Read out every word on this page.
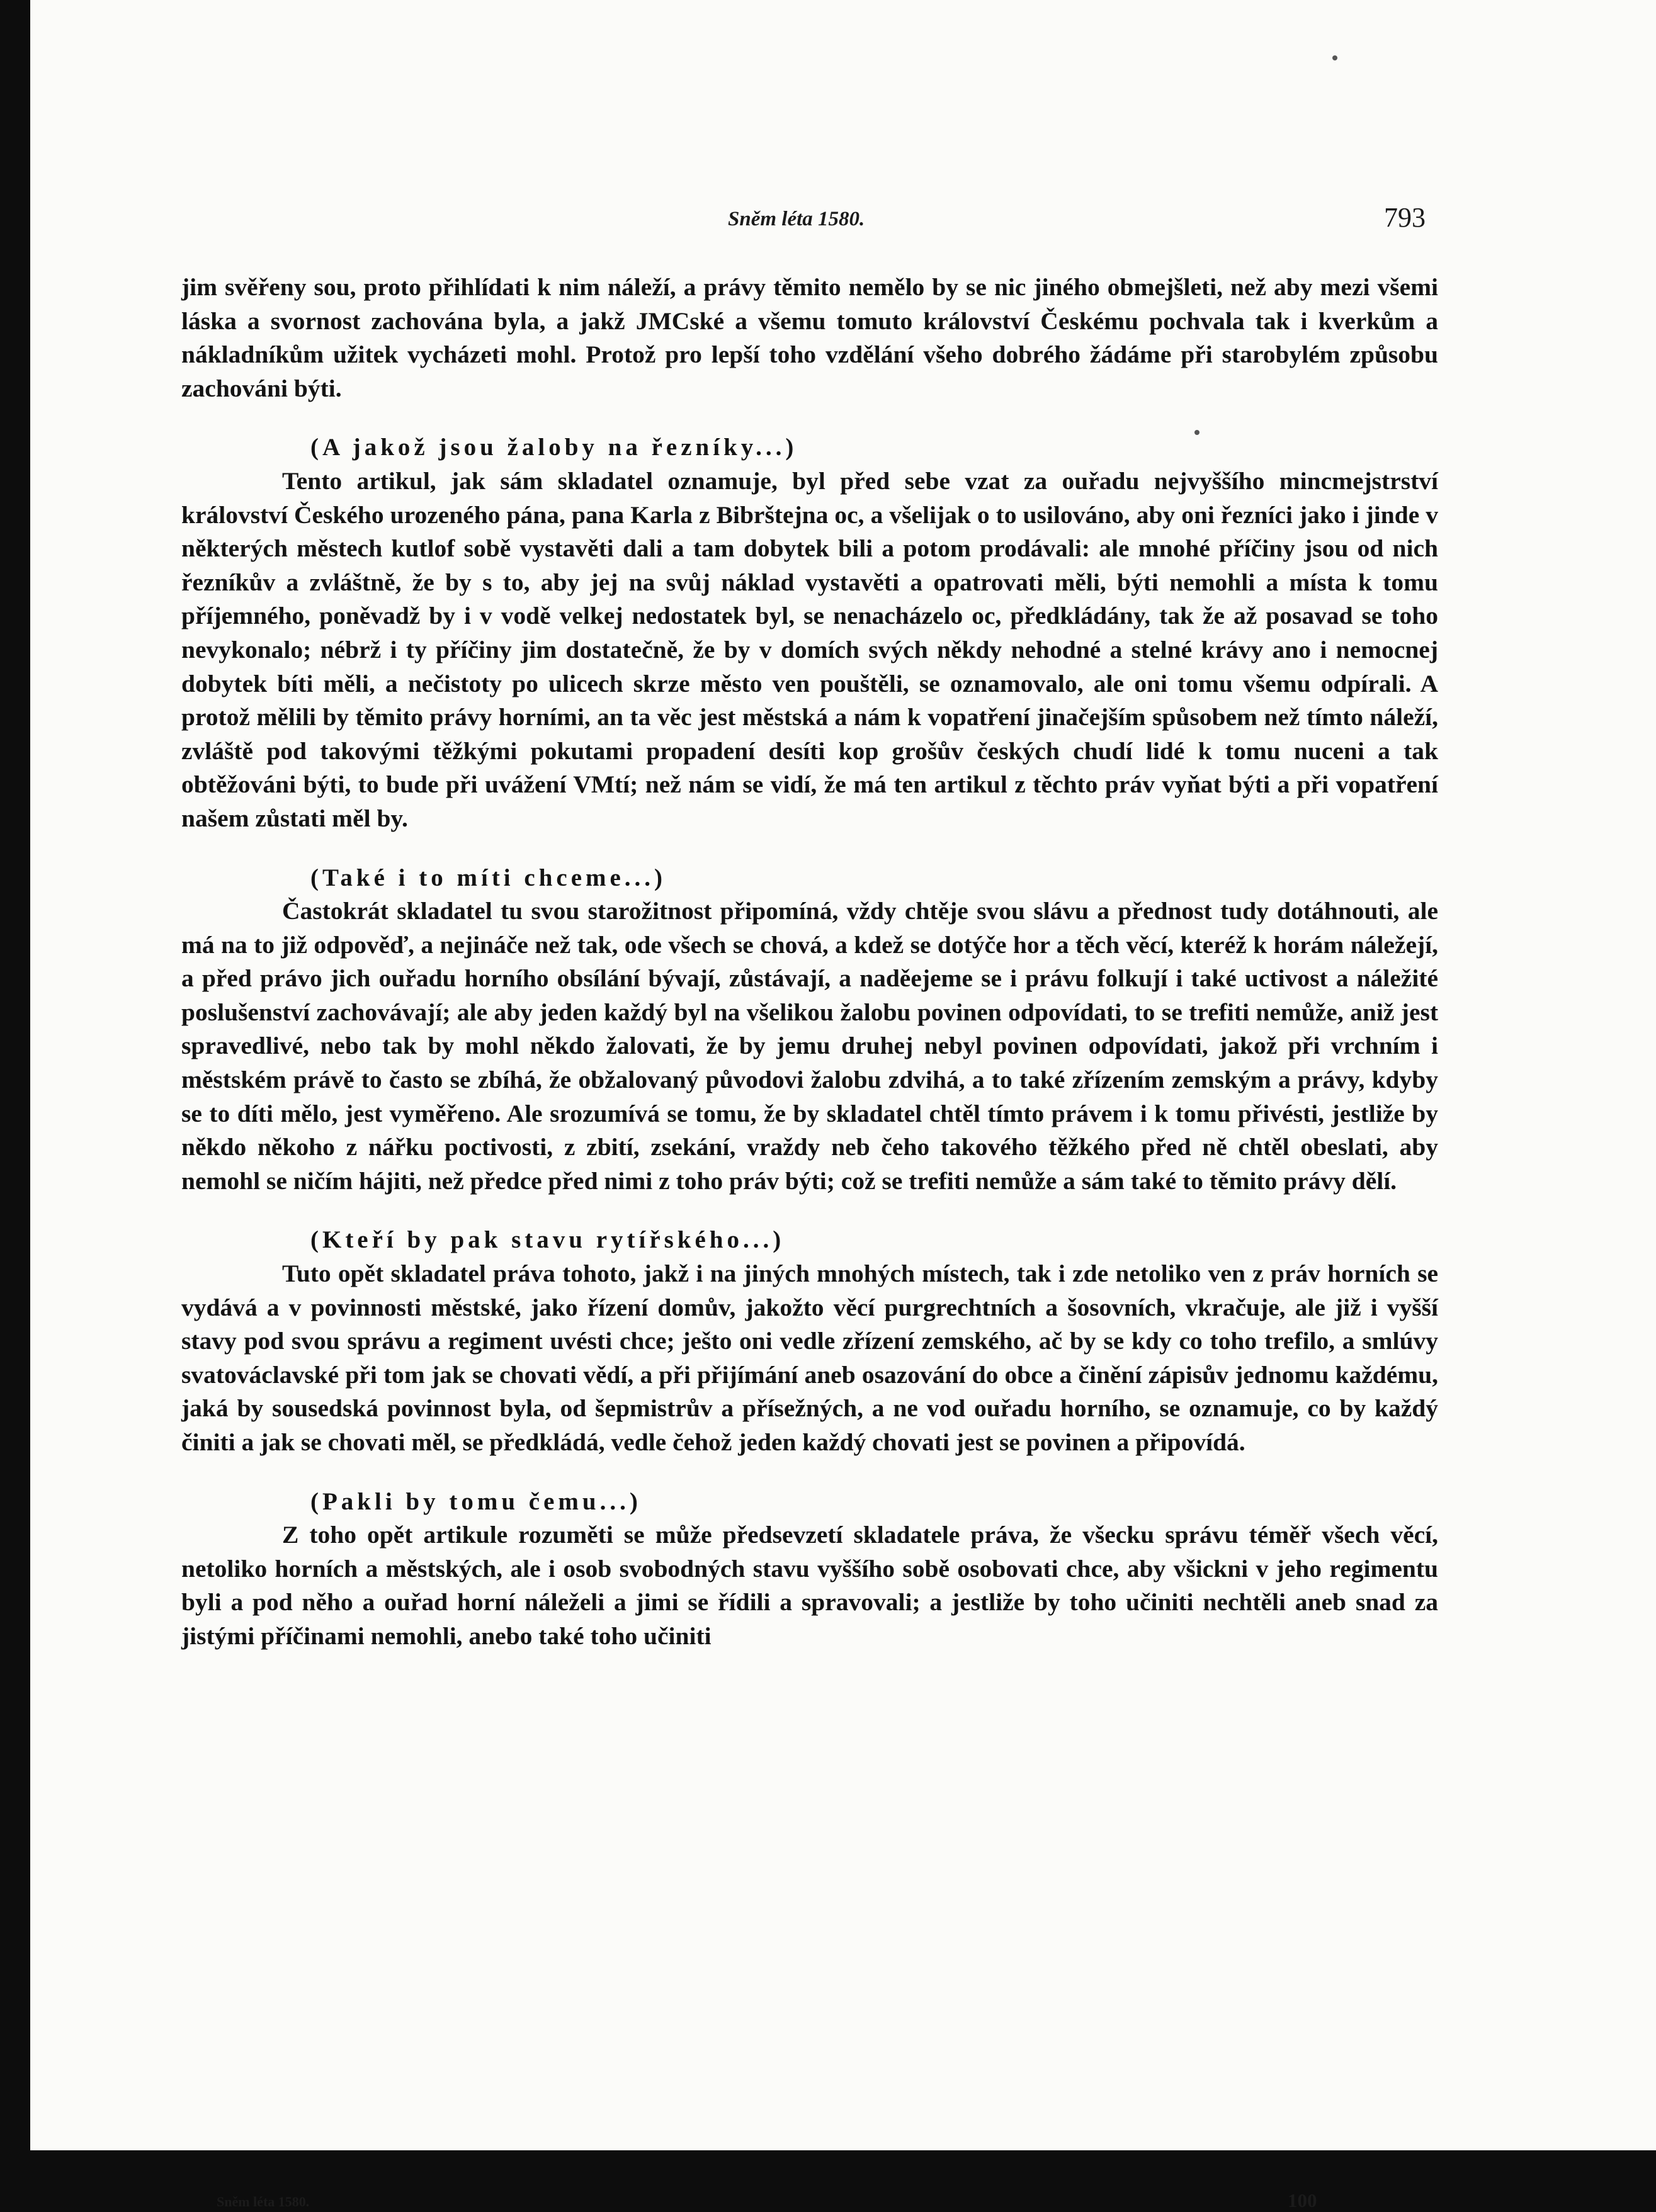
Sněm léta 1580.	793

jim svěřeny sou, proto přihlídati k nim náleží, a právy těmito nemělo by se nic jiného obmejšleti, než aby mezi všemi láska a svornost zachována byla, a jakž JMCské a všemu tomuto království Českému pochvala tak i kverkům a nákladníkům užitek vycházeti mohl. Protož pro lepší toho vzdělání všeho dobrého žádáme při starobylém způsobu zachováni býti.

(A jakož jsou žaloby na řezníky...)

Tento artikul, jak sám skladatel oznamuje, byl před sebe vzat za ouřadu nejvyššího mincmejstrství království Českého urozeného pána, pana Karla z Bibrštejna oc, a všelijak o to usilováno, aby oni řezníci jako i jinde v některých městech kutlof sobě vystavěti dali a tam dobytek bili a potom prodávali: ale mnohé příčiny jsou od nich řezníkův a zvláštně, že by s to, aby jej na svůj náklad vystavěti a opatrovati měli, býti nemohli a místa k tomu příjemného, poněvadž by i v vodě velkej nedostatek byl, se nenacházelo oc, předkládány, tak že až posavad se toho nevykonalo; nébrž i ty příčiny jim dostatečně, že by v domích svých někdy nehodné a stelné krávy ano i nemocnej dobytek bíti měli, a nečistoty po ulicech skrze město ven pouštěli, se oznamovalo, ale oni tomu všemu odpírali. A protož mělili by těmito právy horními, an ta věc jest městská a nám k vopatření jinačejším spůsobem než tímto náleží, zvláště pod takovými těžkými pokutami propadení desíti kop grošův českých chudí lidé k tomu nuceni a tak obtěžováni býti, to bude při uvážení VMtí; než nám se vidí, že má ten artikul z těchto práv vyňat býti a při vopatření našem zůstati měl by.

(Také i to míti chceme...)

Častokrát skladatel tu svou starožitnost připomíná, vždy chtěje svou slávu a přednost tudy dotáhnouti, ale má na to již odpověď, a nejináče než tak, ode všech se chová, a kdež se dotýče hor a těch věcí, kteréž k horám náležejí, a před právo jich ouřadu horního obsílání bývají, zůstávají, a naděejeme se i právu folkují i také uctivost a náležité poslušenství zachovávají; ale aby jeden každý byl na všelikou žalobu povinen odpovídati, to se trefiti nemůže, aniž jest spravedlivé, nebo tak by mohl někdo žalovati, že by jemu druhej nebyl povinen odpovídati, jakož při vrchním i městském právě to často se zbíhá, že obžalovaný původovi žalobu zdvihá, a to také zřízením zemským a právy, kdyby se to díti mělo, jest vyměřeno. Ale srozumívá se tomu, že by skladatel chtěl tímto právem i k tomu přivésti, jestliže by někdo někoho z nářku poctivosti, z zbití, zsekání, vraždy neb čeho takového těžkého před ně chtěl obeslati, aby nemohl se ničím hájiti, než předce před nimi z toho práv býti; což se trefiti nemůže a sám také to těmito právy dělí.

(Kteří by pak stavu rytířského...)

Tuto opět skladatel práva tohoto, jakž i na jiných mnohých místech, tak i zde netoliko ven z práv horních se vydává a v povinnosti městské, jako řízení domův, jakožto věcí purgrechtních a šosovních, vkračuje, ale již i vyšší stavy pod svou správu a regiment uvésti chce; ješto oni vedle zřízení zemského, ač by se kdy co toho trefilo, a smlúvy svatováclavské při tom jak se chovati vědí, a při přijímání aneb osazování do obce a činění zápisův jednomu každému, jaká by sousedská povinnost byla, od šepmistrův a přísežných, a ne vod ouřadu horního, se oznamuje, co by každý činiti a jak se chovati měl, se předkládá, vedle čehož jeden každý chovati jest se povinen a připovídá.

(Pakli by tomu čemu...)

Z toho opět artikule rozuměti se může předsevzetí skladatele práva, že všecku správu téměř všech věcí, netoliko horních a městských, ale i osob svobodných stavu vyššího sobě osobovati chce, aby všickni v jeho regimentu byli a pod něho a ouřad horní náleželi a jimi se řídili a spravovali; a jestliže by toho učiniti nechtěli aneb snad za jistými příčinami nemohli, anebo také toho učiniti

Sněm léta 1580.	100
